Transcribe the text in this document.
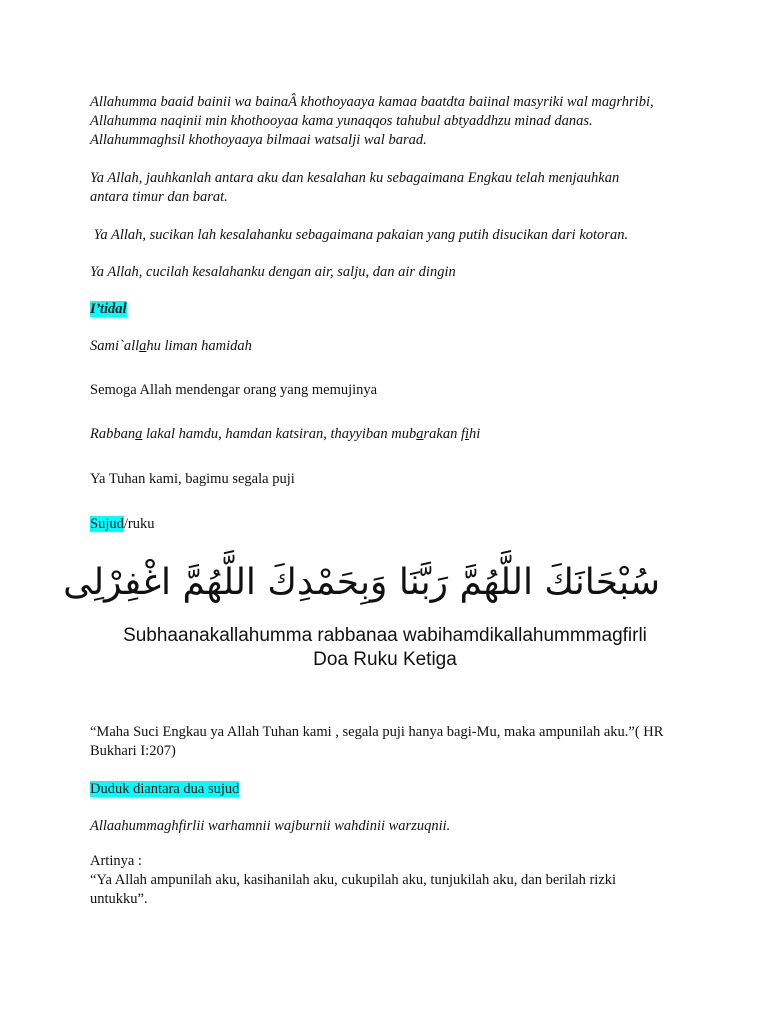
Allahumma baaid bainii wa bainaÂ khothoyaaya kamaa baatdta baiinal masyriki wal magrhribi,
Allahumma naqinii min khothooyaa kama yunaqqos tahubul abtyaddhzu minad danas.
Allahummaghsil khothoyaaya bilmaai watsalji wal barad.

Ya Allah, jauhkanlah antara aku dan kesalahan ku sebagaimana Engkau telah menjauhkan antara timur dan barat.

Ya Allah, sucikan lah kesalahanku sebagaimana pakaian yang putih disucikan dari kotoran.

Ya Allah, cucilah kesalahanku dengan air, salju, dan air dingin

I’tidal

Sami`allahu liman hamidah

Semoga Allah mendengar orang yang memujinya

Rabbana lakal hamdu, hamdan katsiran, thayyiban mubarakan fihi

Ya Tuhan kami, bagimu segala puji

Sujud/ruku

سُبْحَانَكَ اللَّهُمَّ رَبَّنَا وَبِحَمْدِكَ اللَّهُمَّ اغْفِرْلِى
Subhaanakallahumma rabbanaa wabihamdikallahummmagfirli
Doa Ruku Ketiga

“Maha Suci Engkau ya Allah Tuhan kami , segala puji hanya bagi-Mu, maka ampunilah aku.”( HR Bukhari I:207)

Duduk diantara dua sujud

Allaahummaghfirlii warhamnii wajburnii wahdinii warzuqnii.

Artinya :

“Ya Allah ampunilah aku, kasihanilah aku, cukupilah aku, tunjukilah aku, dan berilah rizki untukku”.
